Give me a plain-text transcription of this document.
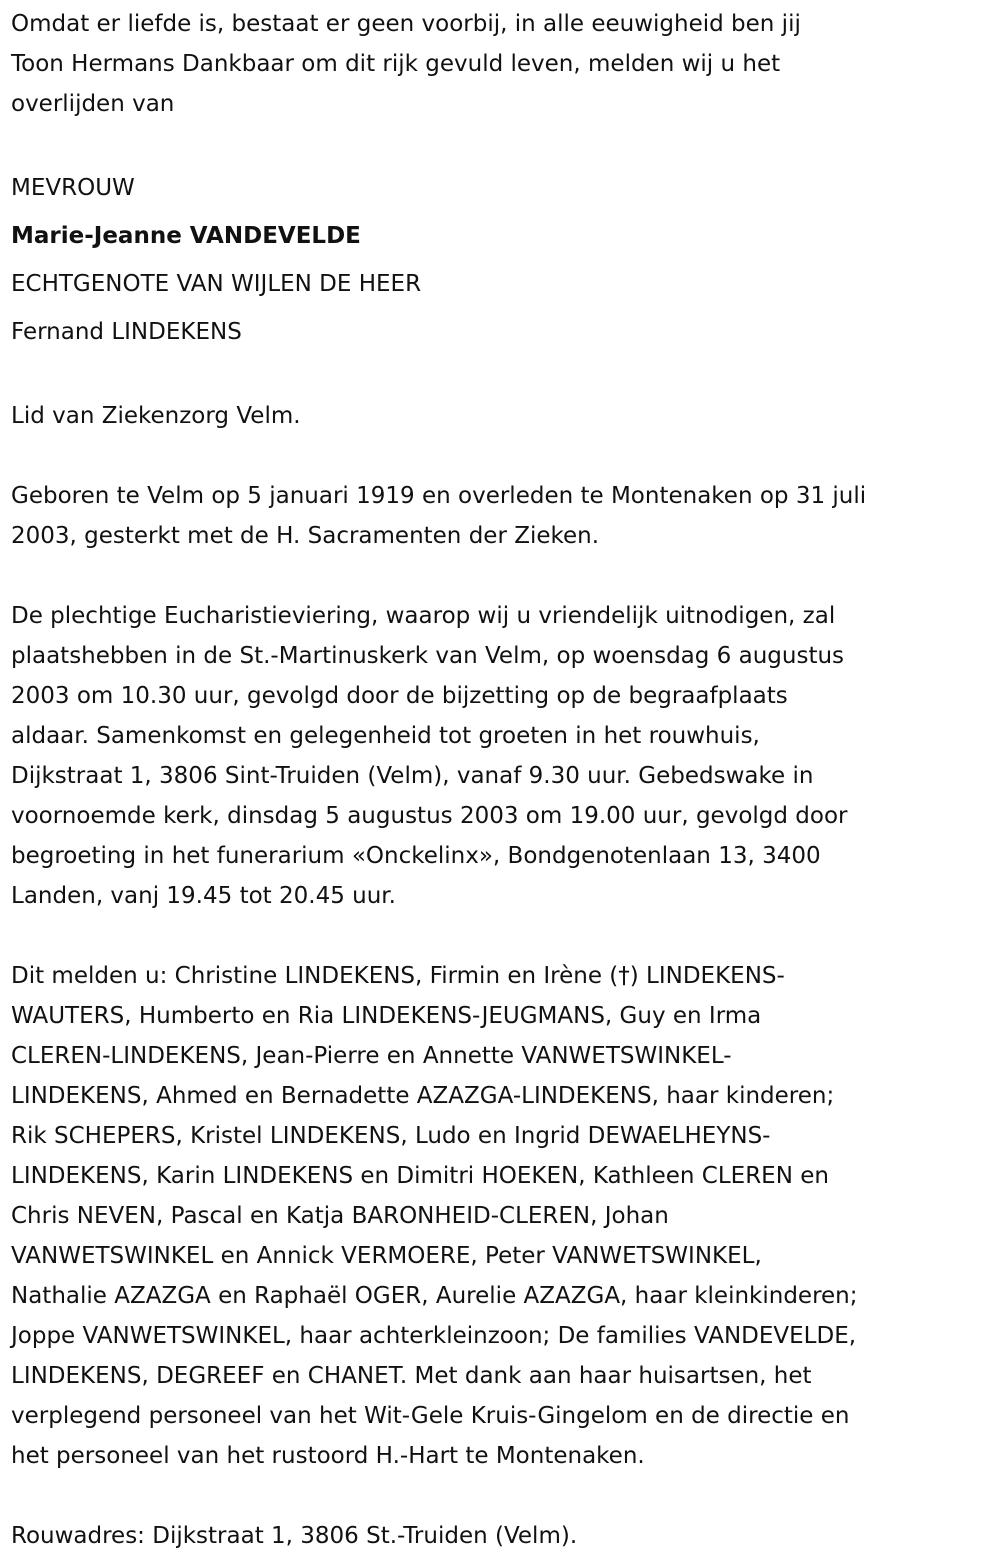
Omdat er liefde is, bestaat er geen voorbij, in alle eeuwigheid ben jij
Toon Hermans Dankbaar om dit rijk gevuld leven, melden wij u het
overlijden van
MEVROUW
Marie-Jeanne VANDEVELDE
ECHTGENOTE VAN WIJLEN DE HEER
Fernand LINDEKENS
Lid van Ziekenzorg Velm.
Geboren te Velm op 5 januari 1919 en overleden te Montenaken op 31 juli
2003, gesterkt met de H. Sacramenten der Zieken.
De plechtige Eucharistieviering, waarop wij u vriendelijk uitnodigen, zal
plaatshebben in de St.-Martinuskerk van Velm, op woensdag 6 augustus
2003 om 10.30 uur, gevolgd door de bijzetting op de begraafplaats
aldaar. Samenkomst en gelegenheid tot groeten in het rouwhuis,
Dijkstraat 1, 3806 Sint-Truiden (Velm), vanaf 9.30 uur. Gebedswake in
voornoemde kerk, dinsdag 5 augustus 2003 om 19.00 uur, gevolgd door
begroeting in het funerarium «Onckelinx», Bondgenotenlaan 13, 3400
Landen, vanj 19.45 tot 20.45 uur.
Dit melden u: Christine LINDEKENS, Firmin en Irène (†) LINDEKENS-
WAUTERS, Humberto en Ria LINDEKENS-JEUGMANS, Guy en Irma
CLEREN-LINDEKENS, Jean-Pierre en Annette VANWETSWINKEL-
LINDEKENS, Ahmed en Bernadette AZAZGA-LINDEKENS, haar kinderen;
Rik SCHEPERS, Kristel LINDEKENS, Ludo en Ingrid DEWAELHEYNS-
LINDEKENS, Karin LINDEKENS en Dimitri HOEKEN, Kathleen CLEREN en
Chris NEVEN, Pascal en Katja BARONHEID-CLEREN, Johan
VANWETSWINKEL en Annick VERMOERE, Peter VANWETSWINKEL,
Nathalie AZAZGA en Raphaël OGER, Aurelie AZAZGA, haar kleinkinderen;
Joppe VANWETSWINKEL, haar achterkleinzoon; De families VANDEVELDE,
LINDEKENS, DEGREEF en CHANET. Met dank aan haar huisartsen, het
verplegend personeel van het Wit-Gele Kruis-Gingelom en de directie en
het personeel van het rustoord H.-Hart te Montenaken.
Rouwadres: Dijkstraat 1, 3806 St.-Truiden (Velm).
